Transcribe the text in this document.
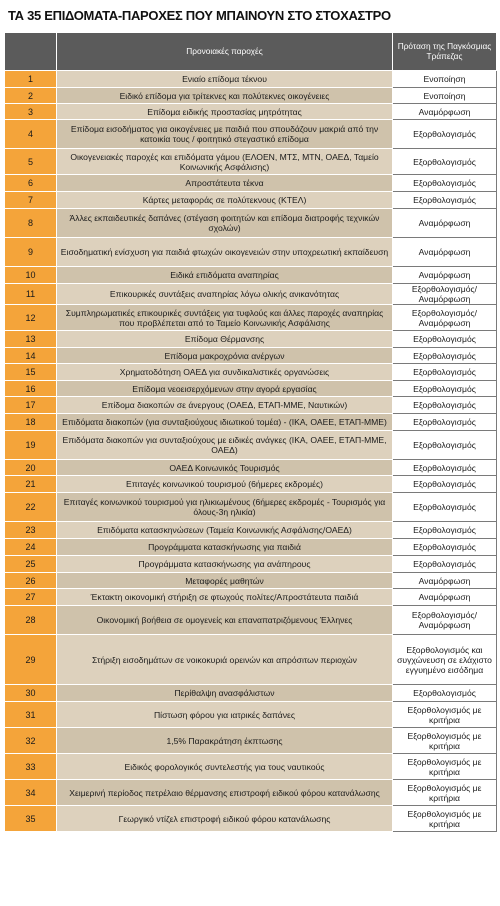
ΤΑ 35 ΕΠΙΔΟΜΑΤΑ-ΠΑΡΟΧΕΣ ΠΟΥ ΜΠΑΙΝΟΥΝ ΣΤΟ ΣΤΟΧΑΣΤΡΟ
	Προνοιακές παροχές	Πρόταση της Παγκόσμιας Τράπεζας
1	Ενιαίο επίδομα τέκνου	Ενοποίηση
2	Ειδικό επίδομα για τρίτεκνες και πολύτεκνες οικογένειες	Ενοποίηση
3	Επίδομα ειδικής προστασίας μητρότητας	Αναμόρφωση
4	Επίδομα εισοδήματος για οικογένειες με παιδιά που σπουδάζουν μακριά από την κατοικία τους / φοιτητικό στεγαστικό επίδομα	Εξορθολογισμός
5	Οικογενειακές παροχές και επιδόματα γάμου (ΕΛΟΕΝ, ΜΤΣ, ΜΤΝ, ΟΑΕΔ, Ταμείο Κοινωνικής Ασφάλισης)	Εξορθολογισμός
6	Απροστάτευτα τέκνα	Εξορθολογισμός
7	Κάρτες μεταφοράς σε πολύτεκνους (ΚΤΕΛ)	Εξορθολογισμός
8	Άλλες εκπαιδευτικές δαπάνες (στέγαση φοιτητών και επίδομα διατροφής τεχνικών σχολών)	Αναμόρφωση
9	Εισοδηματική ενίσχυση για παιδιά φτωχών οικογενειών στην υποχρεωτική εκπαίδευση	Αναμόρφωση
10	Ειδικά επιδόματα αναπηρίας	Αναμόρφωση
11	Επικουρικές συντάξεις αναπηρίας λόγω ολικής ανικανότητας	Εξορθολογισμός/ Αναμόρφωση
12	Συμπληρωματικές επικουρικές συντάξεις για τυφλούς και άλλες παροχές αναπηρίας που προβλέπεται από το Ταμείο Κοινωνικής Ασφάλισης	Εξορθολογισμός/ Αναμόρφωση
13	Επίδομα Θέρμανσης	Εξορθολογισμός
14	Επίδομα μακροχρόνια ανέργων	Εξορθολογισμός
15	Χρηματοδότηση ΟΑΕΔ για συνδικαλιστικές οργανώσεις	Εξορθολογισμός
16	Επίδομα νεοεισερχόμενων στην αγορά εργασίας	Εξορθολογισμός
17	Επίδομα διακοπών σε άνεργους (ΟΑΕΔ, ΕΤΑΠ-ΜΜΕ, Ναυτικών)	Εξορθολογισμός
18	Επιδόματα διακοπών (για συνταξιούχους ιδιωτικού τομέα) - (ΙΚΑ, ΟΑΕΕ, ΕΤΑΠ-ΜΜΕ)	Εξορθολογισμός
19	Επιδόματα διακοπών για συνταξιούχους με ειδικές ανάγκες (ΙΚΑ, ΟΑΕΕ, ΕΤΑΠ-ΜΜΕ, ΟΑΕΔ)	Εξορθολογισμός
20	ΟΑΕΔ Κοινωνικός Τουρισμός	Εξορθολογισμός
21	Επιταγές κοινωνικού τουρισμού (6ήμερες εκδρομές)	Εξορθολογισμός
22	Επιταγές κοινωνικού τουρισμού για ηλικιωμένους (6ήμερες εκδρομές - Τουρισμός για όλους-3η ηλικία)	Εξορθολογισμός
23	Επιδόματα κατασκηνώσεων (Ταμεία Κοινωνικής Ασφάλισης/ΟΑΕΔ)	Εξορθολογισμός
24	Προγράμματα κατασκήνωσης για παιδιά	Εξορθολογισμός
25	Προγράμματα κατασκήνωσης για ανάπηρους	Εξορθολογισμός
26	Μεταφορές μαθητών	Αναμόρφωση
27	Έκτακτη οικονομική στήριξη σε φτωχούς πολίτες/Απροστάτευτα παιδιά	Αναμόρφωση
28	Οικονομική βοήθεια σε ομογενείς και επαναπατριζόμενους Έλληνες	Εξορθολογισμός/ Αναμόρφωση
29	Στήριξη εισοδημάτων σε νοικοκυριά ορεινών και απρόσιτων περιοχών	Εξορθολογισμός και συγχώνευση σε ελάχιστο εγγυημένο εισόδημα
30	Περίθαλψη ανασφάλιστων	Εξορθολογισμός
31	Πίστωση φόρου για ιατρικές δαπάνες	Εξορθολογισμός με κριτήρια
32	1,5% Παρακράτηση έκπτωσης	Εξορθολογισμός με κριτήρια
33	Ειδικός φορολογικός συντελεστής για τους ναυτικούς	Εξορθολογισμός με κριτήρια
34	Χειμερινή περίοδος πετρέλαιο θέρμανσης επιστροφή ειδικού φόρου κατανάλωσης	Εξορθολογισμός με κριτήρια
35	Γεωργικό ντίζελ επιστροφή ειδικού φόρου κατανάλωσης	Εξορθολογισμός με κριτήρια
